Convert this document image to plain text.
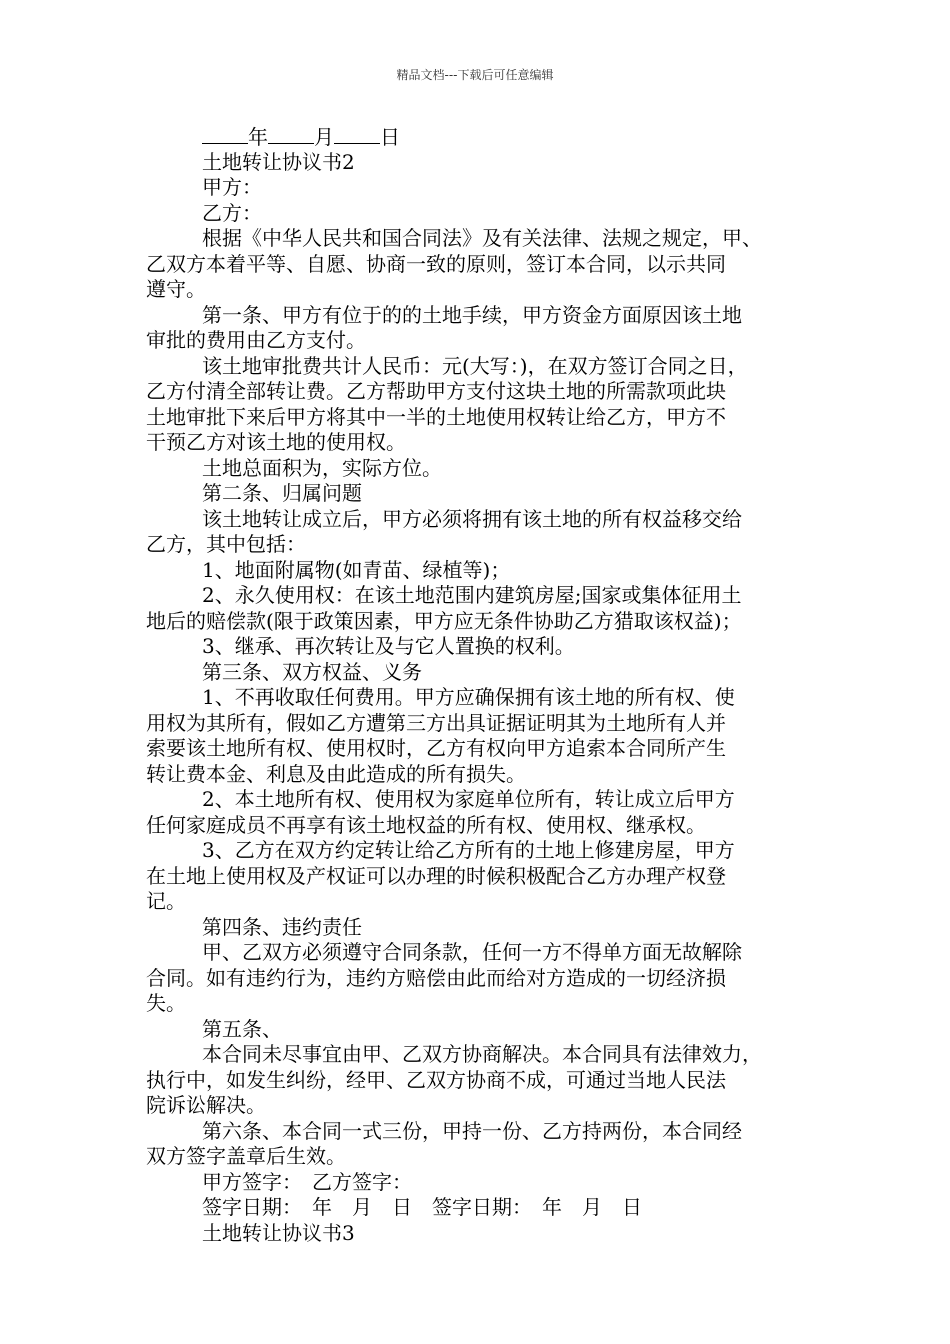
精品文档---下载后可任意编辑
年 月 日
土地转让协议书2
甲方：
乙方：
根据《中华人民共和国合同法》及有关法律、法规之规定，甲、
乙双方本着平等、自愿、协商一致的原则，签订本合同，以示共同
遵守。
第一条、甲方有位于的的土地手续，甲方资金方面原因该土地
审批的费用由乙方支付。
该土地审批费共计人民币：元(大写：)，在双方签订合同之日，
乙方付清全部转让费。乙方帮助甲方支付这块土地的所需款项此块
土地审批下来后甲方将其中一半的土地使用权转让给乙方，甲方不
干预乙方对该土地的使用权。
土地总面积为，实际方位。
第二条、归属问题
该土地转让成立后，甲方必须将拥有该土地的所有权益移交给
乙方，其中包括：
1、地面附属物(如青苗、绿植等)；
2、永久使用权：在该土地范围内建筑房屋;国家或集体征用土
地后的赔偿款(限于政策因素，甲方应无条件协助乙方猎取该权益)；
3、继承、再次转让及与它人置换的权利。
第三条、双方权益、义务
1、不再收取任何费用。甲方应确保拥有该土地的所有权、使
用权为其所有，假如乙方遭第三方出具证据证明其为土地所有人并
索要该土地所有权、使用权时，乙方有权向甲方追索本合同所产生
转让费本金、利息及由此造成的所有损失。
2、本土地所有权、使用权为家庭单位所有，转让成立后甲方
任何家庭成员不再享有该土地权益的所有权、使用权、继承权。
3、乙方在双方约定转让给乙方所有的土地上修建房屋，甲方
在土地上使用权及产权证可以办理的时候积极配合乙方办理产权登
记。
第四条、违约责任
甲、乙双方必须遵守合同条款，任何一方不得单方面无故解除
合同。如有违约行为，违约方赔偿由此而给对方造成的一切经济损
失。
第五条、
本合同未尽事宜由甲、乙双方协商解决。本合同具有法律效力，
执行中，如发生纠纷，经甲、乙双方协商不成，可通过当地人民法
院诉讼解决。
第六条、本合同一式三份，甲持一份、乙方持两份，本合同经
双方签字盖章后生效。
甲方签字：　乙方签字：
签字日期：　年　月　日　签字日期：　年　月　日
土地转让协议书3
